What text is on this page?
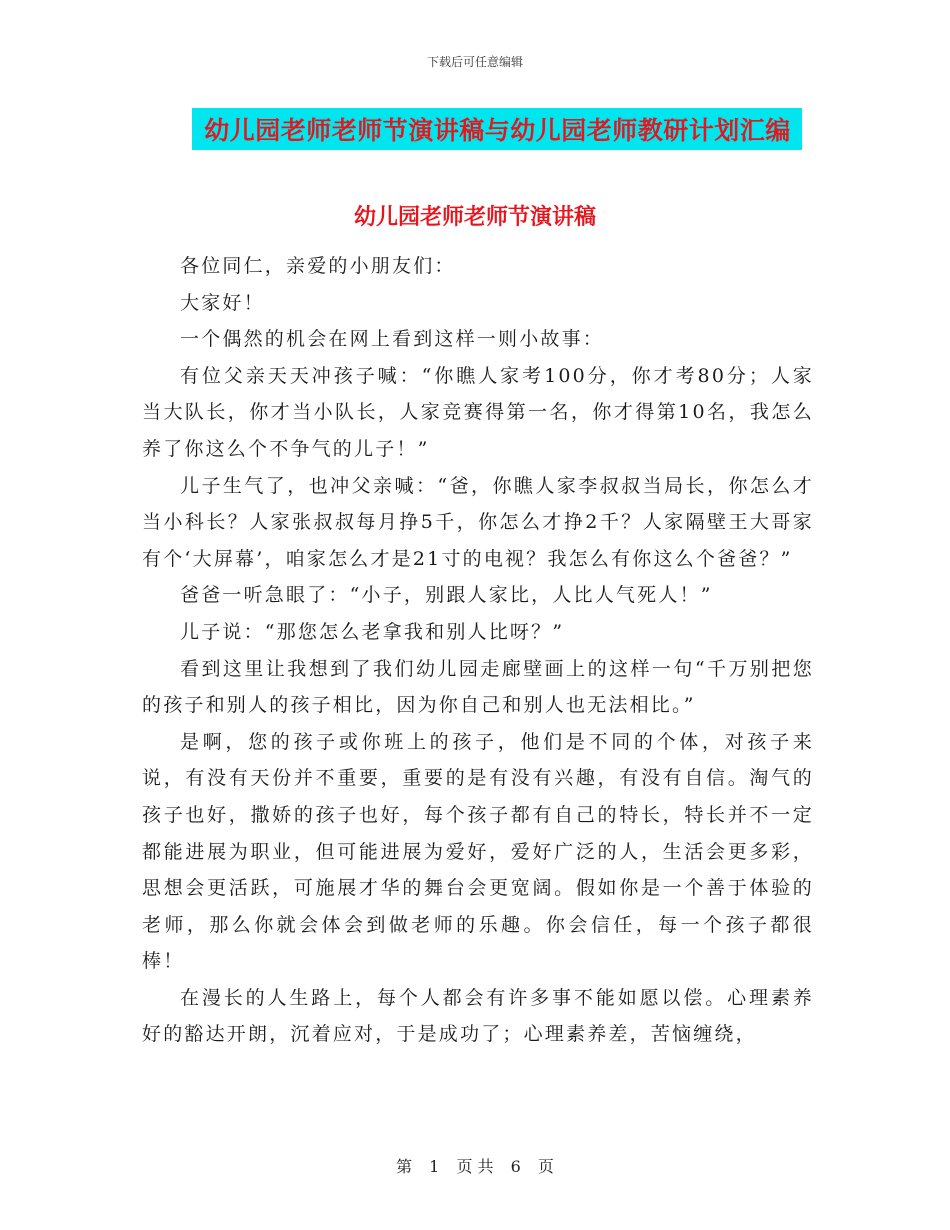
下载后可任意编辑
幼儿园老师老师节演讲稿与幼儿园老师教研计划汇编
幼儿园老师老师节演讲稿

各位同仁，亲爱的小朋友们：

大家好！

一个偶然的机会在网上看到这样一则小故事：

有位父亲天天冲孩子喊：“你瞧人家考100分，你才考80分；人家当大队长，你才当小队长，人家竞赛得第一名，你才得第10名，我怎么养了你这么个不争气的儿子！”

儿子生气了，也冲父亲喊：“爸，你瞧人家李叔叔当局长，你怎么才当小科长？人家张叔叔每月挣5千，你怎么才挣2千？人家隔壁王大哥家有个‘大屏幕’，咱家怎么才是21寸的电视？我怎么有你这么个爸爸？”

爸爸一听急眼了：“小子，别跟人家比，人比人气死人！”

儿子说：“那您怎么老拿我和别人比呀？”

看到这里让我想到了我们幼儿园走廊壁画上的这样一句“千万别把您的孩子和别人的孩子相比，因为你自己和别人也无法相比。”

是啊，您的孩子或你班上的孩子，他们是不同的个体，对孩子来说，有没有天份并不重要，重要的是有没有兴趣，有没有自信。淘气的孩子也好，撒娇的孩子也好，每个孩子都有自己的特长，特长并不一定都能进展为职业，但可能进展为爱好，爱好广泛的人，生活会更多彩，思想会更活跃，可施展才华的舞台会更宽阔。假如你是一个善于体验的老师，那么你就会体会到做老师的乐趣。你会信任，每一个孩子都很棒！

在漫长的人生路上，每个人都会有许多事不能如愿以偿。心理素养好的豁达开朗，沉着应对，于是成功了；心理素养差，苦恼缠绕，

第 1 页 共 6 页
